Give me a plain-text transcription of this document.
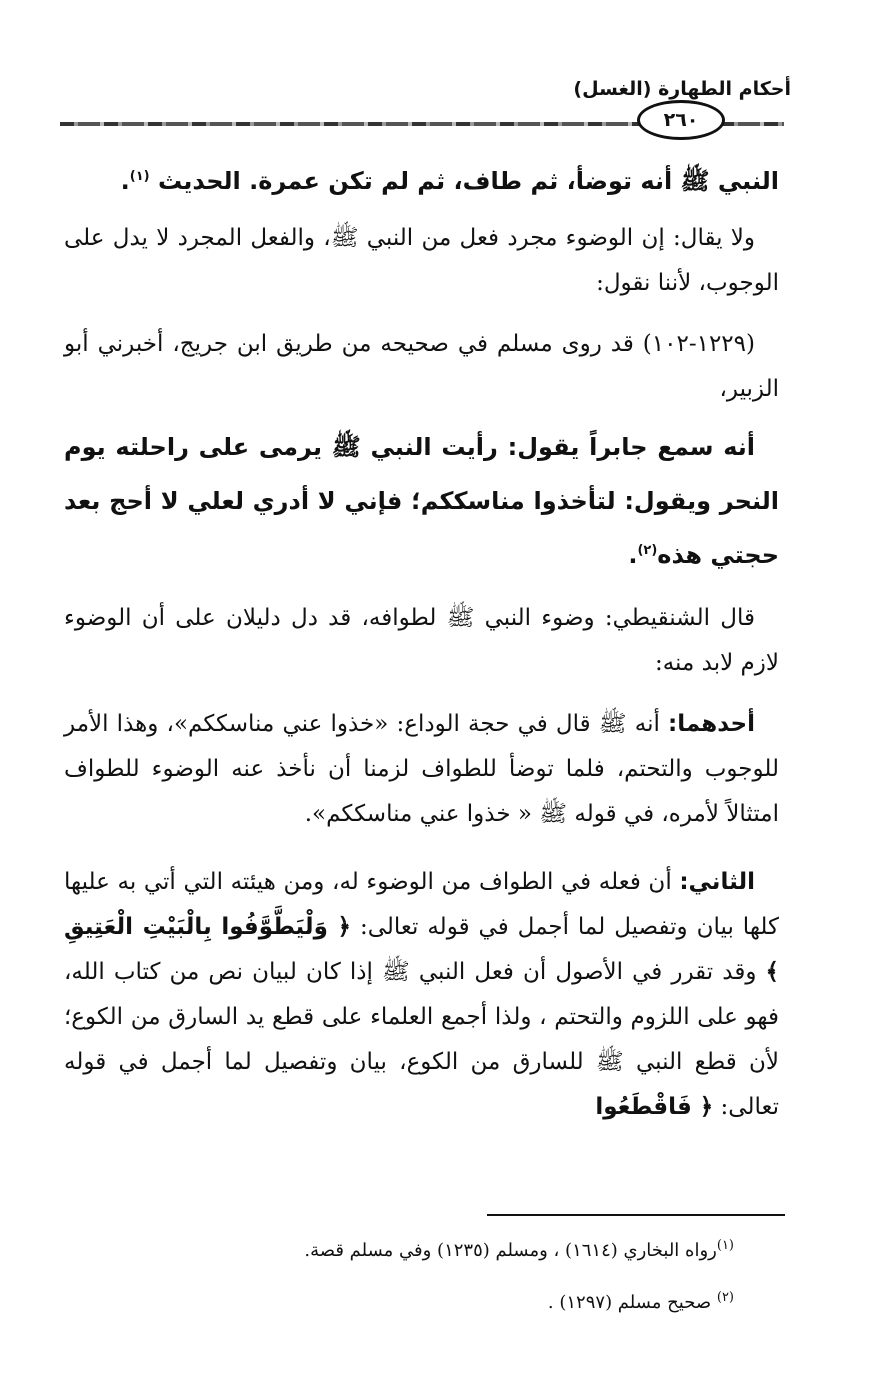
أحكام الطهارة (الغسل)
٢٦٠
النبي ﷺ أنه توضأ، ثم طاف، ثم لم تكن عمرة. الحديث $^{(١)}$.
ولا يقال: إن الوضوء مجرد فعل من النبي ﷺ، والفعل المجرد لا يدل على الوجوب، لأننا نقول:
(١٢٢٩-١٠٢) قد روى مسلم في صحيحه من طريق ابن جريج، أخبرني أبو الزبير،
أنه سمع جابراً يقول: رأيت النبي ﷺ يرمى على راحلته يوم النحر ويقول: لتأخذوا مناسككم؛ فإني لا أدري لعلي لا أحج بعد حجتي هذه$^{(٢)}$.
قال الشنقيطي: وضوء النبي ﷺ لطوافه، قد دل دليلان على أن الوضوء لازم لابد منه:
أحدهما: أنه ﷺ قال في حجة الوداع: «خذوا عني مناسككم»، وهذا الأمر للوجوب والتحتم، فلما توضأ للطواف لزمنا أن نأخذ عنه الوضوء للطواف امتثالاً لأمره، في قوله ﷺ « خذوا عني مناسككم».
الثاني: أن فعله في الطواف من الوضوء له، ومن هيئته التي أتي به عليها كلها بيان وتفصيل لما أجمل في قوله تعالى: ﴿ وَلْيَطَّوَّفُوا بِالْبَيْتِ الْعَتِيقِ ﴾ وقد تقرر في الأصول أن فعل النبي ﷺ إذا كان لبيان نص من كتاب الله، فهو على اللزوم والتحتم ، ولذا أجمع العلماء على قطع يد السارق من الكوع؛ لأن قطع النبي ﷺ للسارق من الكوع، بيان وتفصيل لما أجمل في قوله تعالى: ﴿ فَاقْطَعُوا
$^{(١)}$رواه البخاري (١٦١٤) ، ومسلم (١٢٣٥) وفي مسلم قصة.
$^{(٢)}$ صحيح مسلم (١٢٩٧) .
